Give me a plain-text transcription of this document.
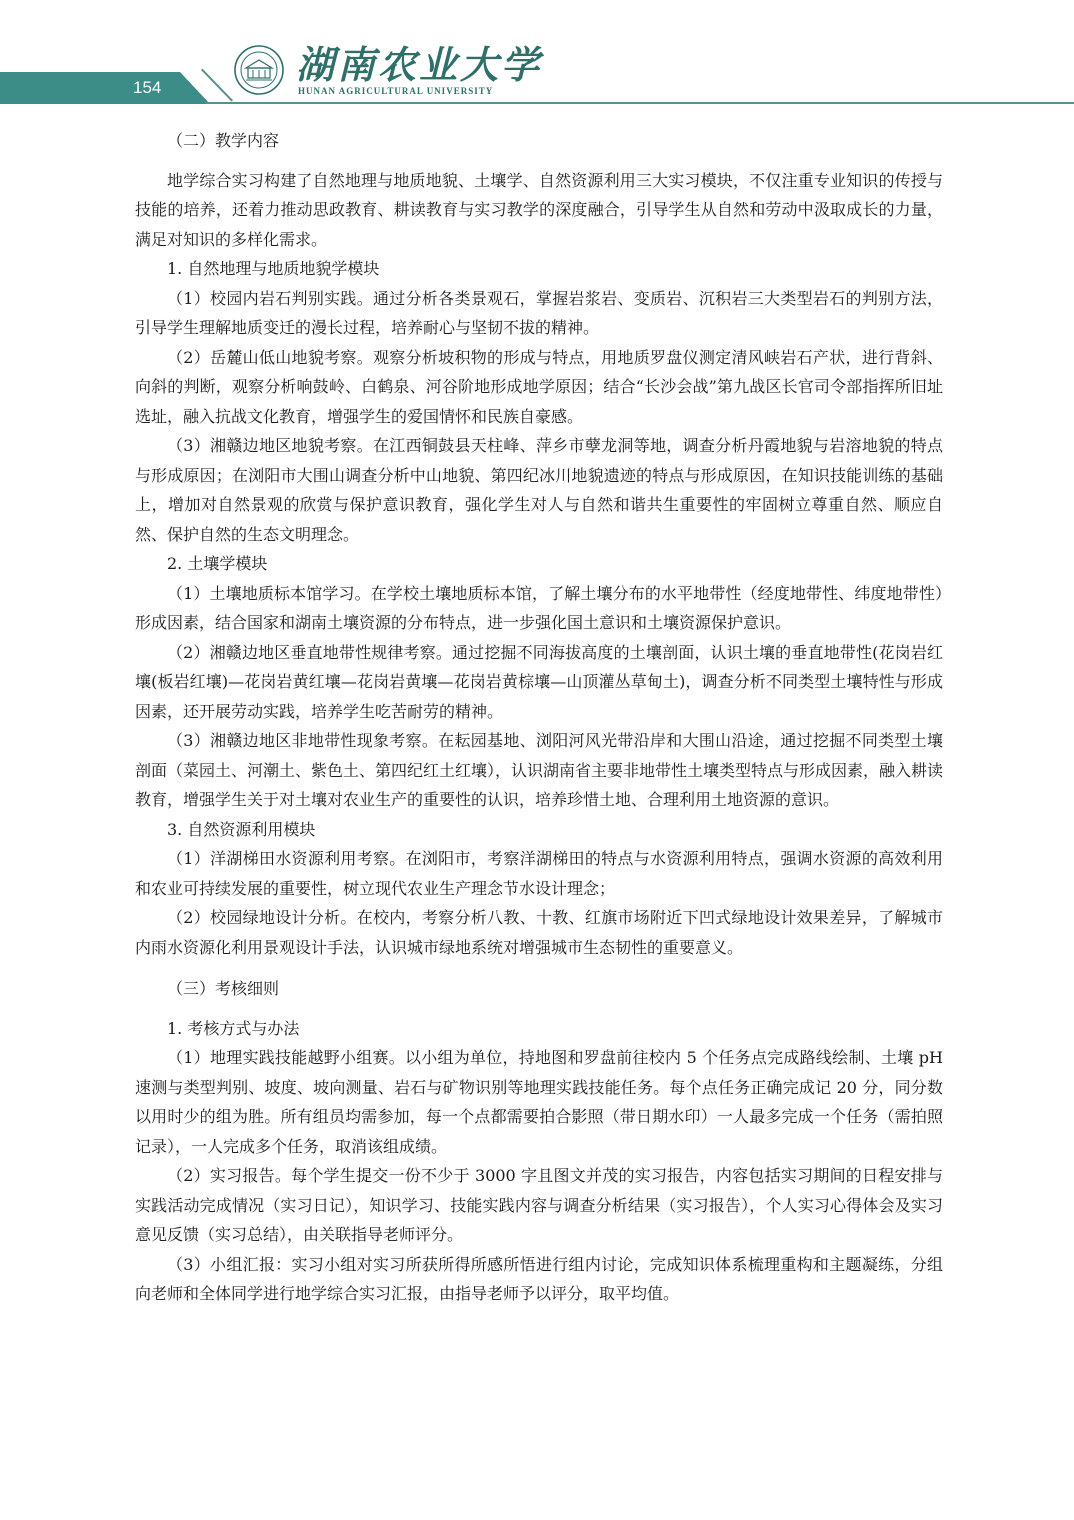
154
湖南农业大学
HUNAN AGRICULTURAL UNIVERSITY

（二）教学内容

地学综合实习构建了自然地理与地质地貌、土壤学、自然资源利用三大实习模块，不仅注重专业知识的传授与技能的培养，还着力推动思政教育、耕读教育与实习教学的深度融合，引导学生从自然和劳动中汲取成长的力量，满足对知识的多样化需求。

1. 自然地理与地质地貌学模块

（1）校园内岩石判别实践。通过分析各类景观石，掌握岩浆岩、变质岩、沉积岩三大类型岩石的判别方法，引导学生理解地质变迁的漫长过程，培养耐心与坚韧不拔的精神。

（2）岳麓山低山地貌考察。观察分析坡积物的形成与特点，用地质罗盘仪测定清风峡岩石产状，进行背斜、向斜的判断，观察分析响鼓岭、白鹤泉、河谷阶地形成地学原因；结合“长沙会战”第九战区长官司令部指挥所旧址选址，融入抗战文化教育，增强学生的爱国情怀和民族自豪感。

（3）湘赣边地区地貌考察。在江西铜鼓县天柱峰、萍乡市孽龙洞等地，调查分析丹霞地貌与岩溶地貌的特点与形成原因；在浏阳市大围山调查分析中山地貌、第四纪冰川地貌遗迹的特点与形成原因，在知识技能训练的基础上，增加对自然景观的欣赏与保护意识教育，强化学生对人与自然和谐共生重要性的牢固树立尊重自然、顺应自然、保护自然的生态文明理念。

2. 土壤学模块

（1）土壤地质标本馆学习。在学校土壤地质标本馆，了解土壤分布的水平地带性（经度地带性、纬度地带性）形成因素，结合国家和湖南土壤资源的分布特点，进一步强化国土意识和土壤资源保护意识。

（2）湘赣边地区垂直地带性规律考察。通过挖掘不同海拔高度的土壤剖面，认识土壤的垂直地带性(花岗岩红壤(板岩红壤)—花岗岩黄红壤—花岗岩黄壤—花岗岩黄棕壤—山顶灌丛草甸土)，调查分析不同类型土壤特性与形成因素，还开展劳动实践，培养学生吃苦耐劳的精神。

（3）湘赣边地区非地带性现象考察。在耘园基地、浏阳河风光带沿岸和大围山沿途，通过挖掘不同类型土壤剖面（菜园土、河潮土、紫色土、第四纪红土红壤），认识湖南省主要非地带性土壤类型特点与形成因素，融入耕读教育，增强学生关于对土壤对农业生产的重要性的认识，培养珍惜土地、合理利用土地资源的意识。

3. 自然资源利用模块

（1）洋湖梯田水资源利用考察。在浏阳市，考察洋湖梯田的特点与水资源利用特点，强调水资源的高效利用和农业可持续发展的重要性，树立现代农业生产理念节水设计理念；

（2）校园绿地设计分析。在校内，考察分析八教、十教、红旗市场附近下凹式绿地设计效果差异，了解城市内雨水资源化利用景观设计手法，认识城市绿地系统对增强城市生态韧性的重要意义。

（三）考核细则

1. 考核方式与办法

（1）地理实践技能越野小组赛。以小组为单位，持地图和罗盘前往校内 5 个任务点完成路线绘制、土壤 pH 速测与类型判别、坡度、坡向测量、岩石与矿物识别等地理实践技能任务。每个点任务正确完成记 20 分，同分数以用时少的组为胜。所有组员均需参加，每一个点都需要拍合影照（带日期水印）一人最多完成一个任务（需拍照记录），一人完成多个任务，取消该组成绩。

（2）实习报告。每个学生提交一份不少于 3000 字且图文并茂的实习报告，内容包括实习期间的日程安排与实践活动完成情况（实习日记），知识学习、技能实践内容与调查分析结果（实习报告），个人实习心得体会及实习意见反馈（实习总结），由关联指导老师评分。

（3）小组汇报：实习小组对实习所获所得所感所悟进行组内讨论，完成知识体系梳理重构和主题凝练，分组向老师和全体同学进行地学综合实习汇报，由指导老师予以评分，取平均值。
